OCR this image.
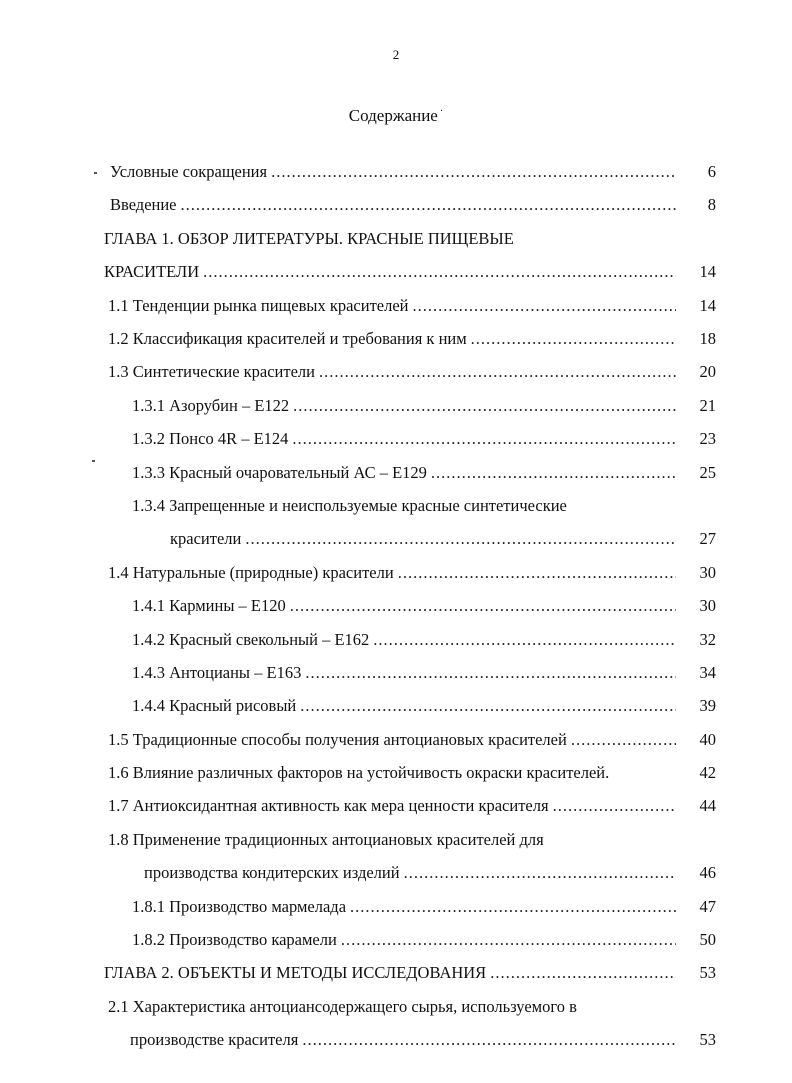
2
Содержание ·
Условные сокращения .....	6
Введение .....	8
ГЛАВА 1. ОБЗОР ЛИТЕРАТУРЫ. КРАСНЫЕ ПИЩЕВЫЕ
КРАСИТЕЛИ .....	14
1.1 Тенденции рынка пищевых красителей .....	14
1.2 Классификация красителей и требования к ним .....	18
1.3 Синтетические красители .....	20
1.3.1 Азорубин – Е122 .....	21
1.3.2 Понсо 4R – Е124 .....	23
1.3.3 Красный очаровательный АС – Е129 .....	25
1.3.4 Запрещенные и неиспользуемые красные синтетические
красители .....	27
1.4 Натуральные (природные) красители .....	30
1.4.1 Кармины – Е120 .....	30
1.4.2 Красный свекольный – Е162 .....	32
1.4.3 Антоцианы – Е163 .....	34
1.4.4 Красный рисовый .....	39
1.5 Традиционные способы получения антоциановых красителей .....	40
1.6 Влияние различных факторов на устойчивость окраски красителей.	42
1.7 Антиоксидантная активность как мера ценности красителя .....	44
1.8 Применение традиционных антоциановых красителей для
производства кондитерских изделий .....	46
1.8.1 Производство мармелада .....	47
1.8.2 Производство карамели .....	50
ГЛАВА 2. ОБЪЕКТЫ И МЕТОДЫ ИССЛЕДОВАНИЯ .....	53
2.1 Характеристика антоциансодержащего сырья, используемого в
производстве красителя .....	53
